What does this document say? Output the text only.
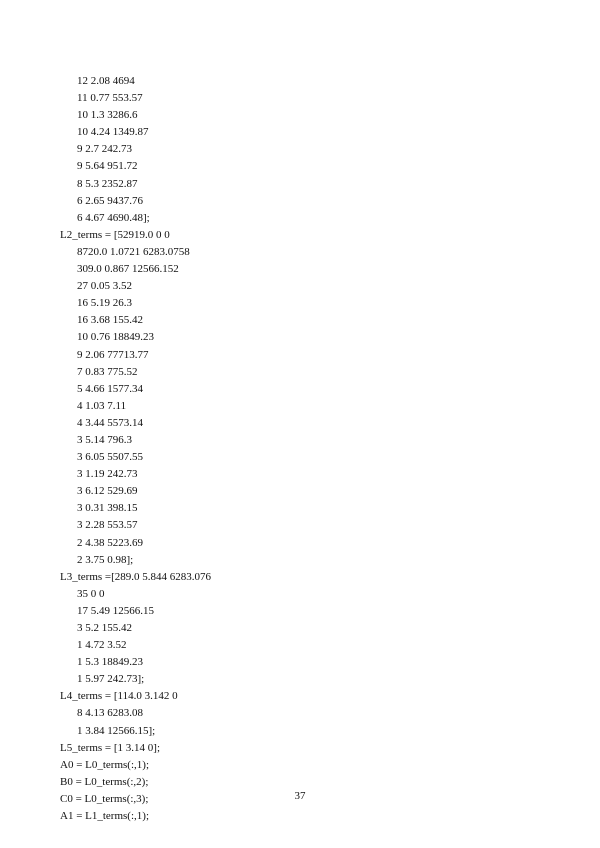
12 2.08 4694
11 0.77 553.57
10 1.3 3286.6
10 4.24 1349.87
9 2.7 242.73
9 5.64 951.72
8 5.3 2352.87
6 2.65 9437.76
6 4.67 4690.48];
L2_terms = [52919.0 0 0
8720.0 1.0721 6283.0758
309.0 0.867 12566.152
27 0.05 3.52
16 5.19 26.3
16 3.68 155.42
10 0.76 18849.23
9 2.06 77713.77
7 0.83 775.52
5 4.66 1577.34
4 1.03 7.11
4 3.44 5573.14
3 5.14 796.3
3 6.05 5507.55
3 1.19 242.73
3 6.12 529.69
3 0.31 398.15
3 2.28 553.57
2 4.38 5223.69
2 3.75 0.98];
L3_terms =[289.0 5.844 6283.076
35 0 0
17 5.49 12566.15
3 5.2 155.42
1 4.72 3.52
1 5.3 18849.23
1 5.97 242.73];
L4_terms = [114.0 3.142 0
8 4.13 6283.08
1 3.84 12566.15];
L5_terms = [1 3.14 0];
A0 = L0_terms(:,1);
B0 = L0_terms(:,2);
C0 = L0_terms(:,3);
A1 = L1_terms(:,1);
37
